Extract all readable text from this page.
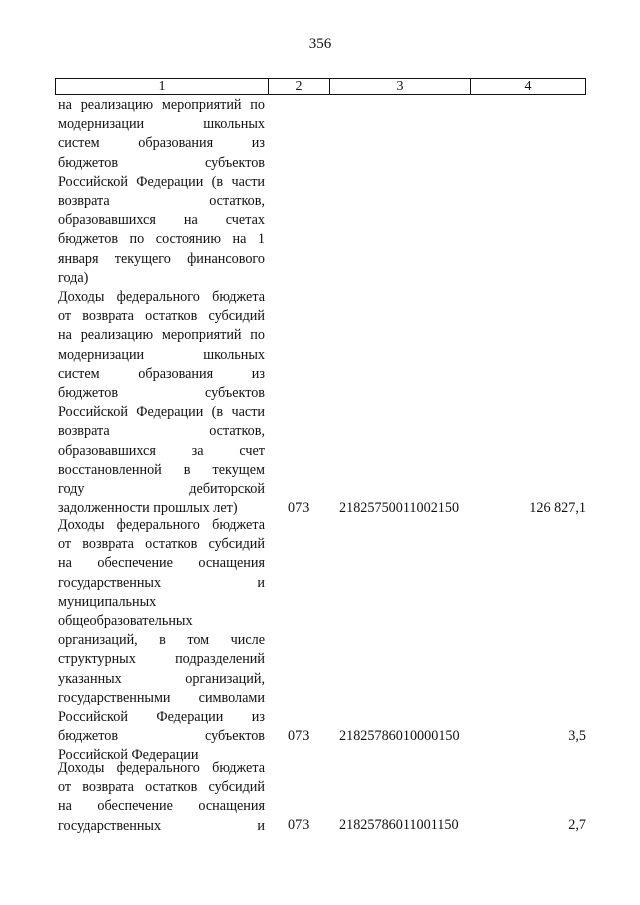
356
1	2	3	4
на реализацию мероприятий по
модернизации школьных
систем образования из
бюджетов субъектов
Российской Федерации (в части
возврата остатков,
образовавшихся на счетах
бюджетов по состоянию на 1
января текущего финансового
года)
Доходы федерального бюджета
от возврата остатков субсидий
на реализацию мероприятий по
модернизации школьных
систем образования из
бюджетов субъектов
Российской Федерации (в части
возврата остатков,
образовавшихся за счет
восстановленной в текущем
году дебиторской
задолженности прошлых лет)	073	21825750011002150	126 827,1
Доходы федерального бюджета
от возврата остатков субсидий
на обеспечение оснащения
государственных и
муниципальных
общеобразовательных
организаций, в том числе
структурных подразделений
указанных организаций,
государственными символами
Российской Федерации из
бюджетов субъектов
Российской Федерации
073	21825786010000150	3,5
Доходы федерального бюджета
от возврата остатков субсидий
на обеспечение оснащения
государственных и 073	21825786011001150	2,7
